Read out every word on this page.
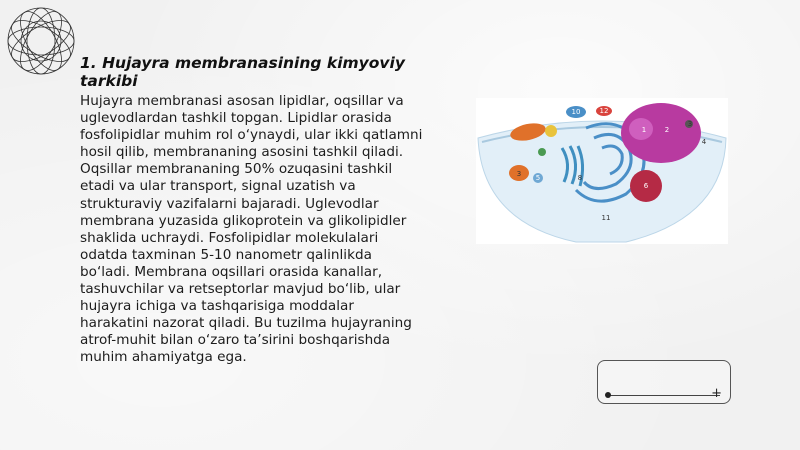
1. Hujayra membranasining kimyoviy tarkibi

Hujayra membranasi asosan lipidlar, oqsillar va uglevodlardan tashkil topgan. Lipidlar orasida fosfolipidlar muhim rol o‘ynaydi, ular ikki qatlamni hosil qilib, membrananing asosini tashkil qiladi. Oqsillar membrananing 50% ozuqasini tashkil etadi va ular transport, signal uzatish va strukturaviy vazifalarni bajaradi. Uglevodlar membrana yuzasida glikoprotein va glikolipidler shaklida uchraydi. Fosfolipidlar molekulalari odatda taxminan 5-10 nanometr qalinlikda bo‘ladi. Membrana oqsillari orasida kanallar, tashuvchilar va retseptorlar mavjud bo‘lib, ular hujayra ichiga va tashqarisiga moddalar harakatini nazorat qiladi. Bu tuzilma hujayraning atrof-muhit bilan o‘zaro ta’sirini boshqarishda muhim ahamiyatga ega.

1	2
5
6
10	12
3
4
3	8
11
+
